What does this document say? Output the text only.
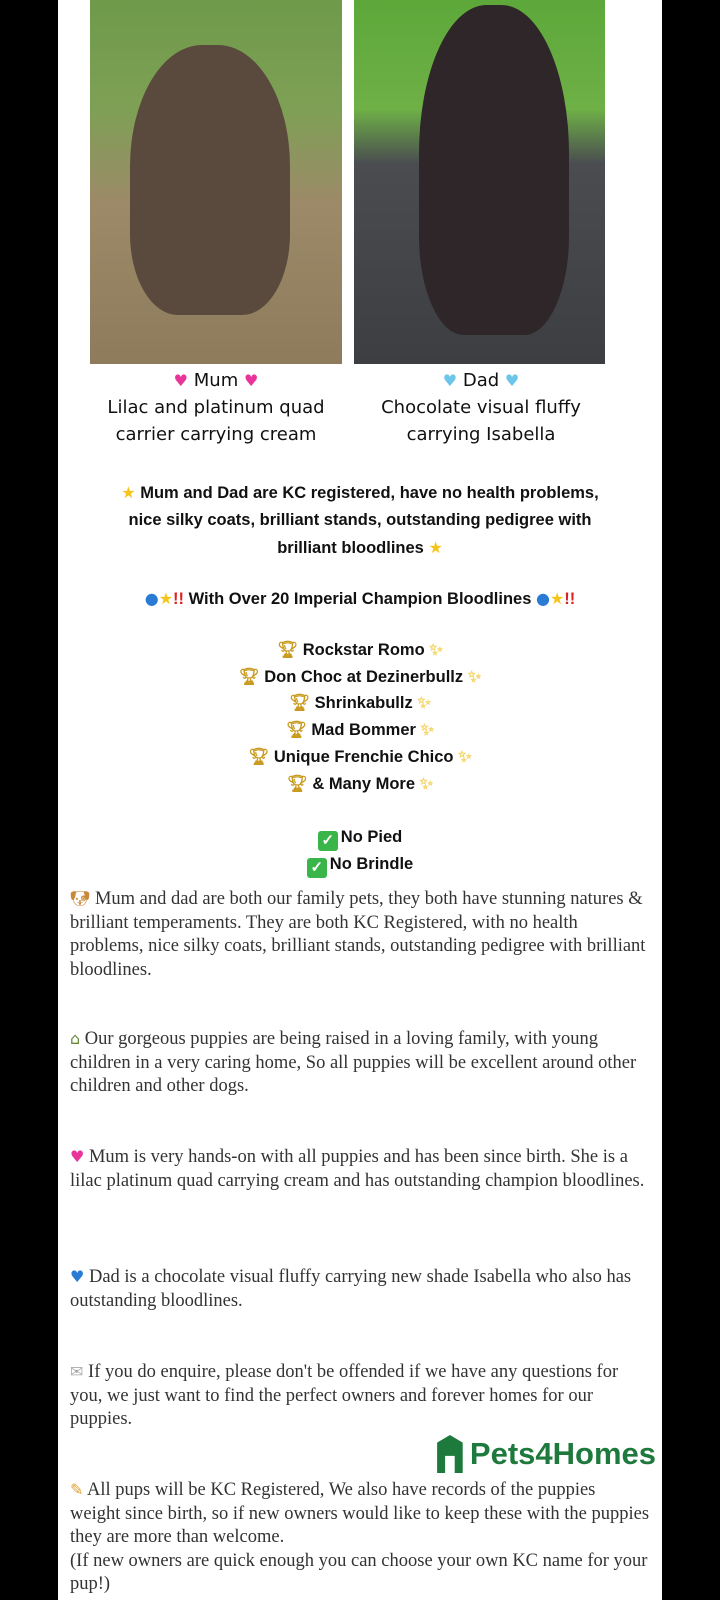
♥ Mum ♥
Lilac and platinum quad
carrier carrying cream
♥ Dad ♥
Chocolate visual fluffy
carrying Isabella
★ Mum and Dad are KC registered, have no health problems,
nice silky coats, brilliant stands, outstanding pedigree with
brilliant bloodlines ★
●★!! With Over 20 Imperial Champion Bloodlines ●★!!
🏆︎ Rockstar Romo ✨︎
🏆︎ Don Choc at Dezinerbullz ✨︎
🏆︎ Shrinkabullz ✨︎
🏆︎ Mad Bommer ✨︎
🏆︎ Unique Frenchie Chico ✨︎
🏆︎ & Many More ✨︎
✓ No Pied
✓ No Brindle
🐶︎ Mum and dad are both our family pets, they both have stunning natures & brilliant temperaments. They are both KC Registered, with no health problems, nice silky coats, brilliant stands, outstanding pedigree with brilliant bloodlines.
⌂ Our gorgeous puppies are being raised in a loving family, with young children in a very caring home, So all puppies will be excellent around other children and other dogs.
♥ Mum is very hands-on with all puppies and has been since birth. She is a lilac platinum quad carrying cream and has outstanding champion bloodlines.
♥ Dad is a chocolate visual fluffy carrying new shade Isabella who also has outstanding bloodlines.
✉ If you do enquire, please don't be offended if we have any questions for you, we just want to find the perfect owners and forever homes for our puppies.
✎ All pups will be KC Registered, We also have records of the puppies weight since birth, so if new owners would like to keep these with the puppies they are more than welcome.
(If new owners are quick enough you can choose your own KC name for your pup!)
Pets4Homes
